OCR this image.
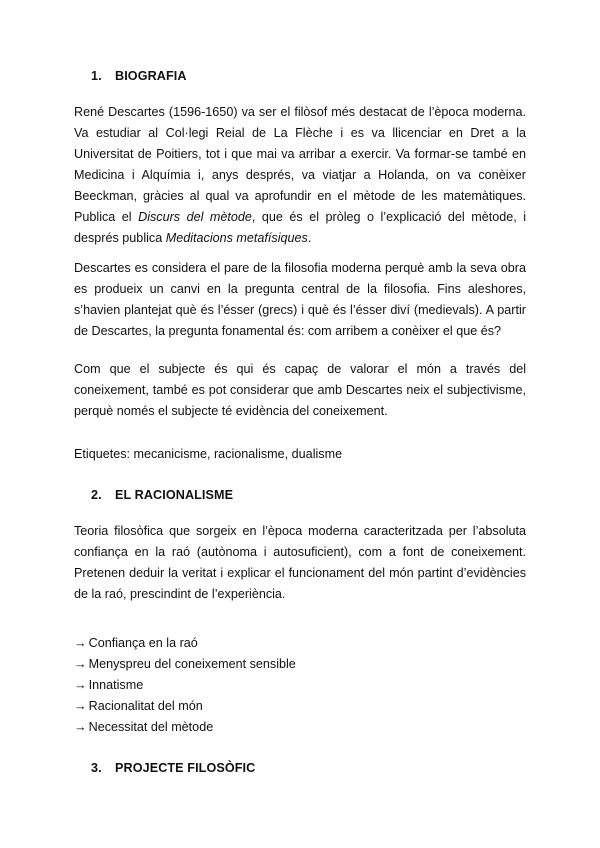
1. BIOGRAFIA

René Descartes (1596-1650) va ser el filòsof més destacat de l’època moderna. Va estudiar al Col·legi Reial de La Flèche i es va llicenciar en Dret a la Universitat de Poitiers, tot i que mai va arribar a exercir. Va formar-se també en Medicina i Alquímia i, anys després, va viatjar a Holanda, on va conèixer Beeckman, gràcies al qual va aprofundir en el mètode de les matemàtiques. Publica el Discurs del mètode, que és el pròleg o l’explicació del mètode, i després publica Meditacions metafísiques.

Descartes es considera el pare de la filosofia moderna perquè amb la seva obra es produeix un canvi en la pregunta central de la filosofia. Fins aleshores, s’havien plantejat què és l’ésser (grecs) i què és l’ésser diví (medievals). A partir de Descartes, la pregunta fonamental és: com arribem a conèixer el que és?

Com que el subjecte és qui és capaç de valorar el món a través del coneixement, també es pot considerar que amb Descartes neix el subjectivisme, perquè només el subjecte té evidència del coneixement.

Etiquetes: mecanicisme, racionalisme, dualisme

2. EL RACIONALISME

Teoria filosòfica que sorgeix en l’època moderna caracteritzada per l’absoluta confiança en la raó (autònoma i autosuficient), com a font de coneixement. Pretenen deduir la veritat i explicar el funcionament del món partint d’evidències de la raó, prescindint de l’experiència.

→ Confiança en la raó
→ Menyspreu del coneixement sensible
→ Innatisme
→ Racionalitat del món
→ Necessitat del mètode
3. PROJECTE FILOSÒFIC
